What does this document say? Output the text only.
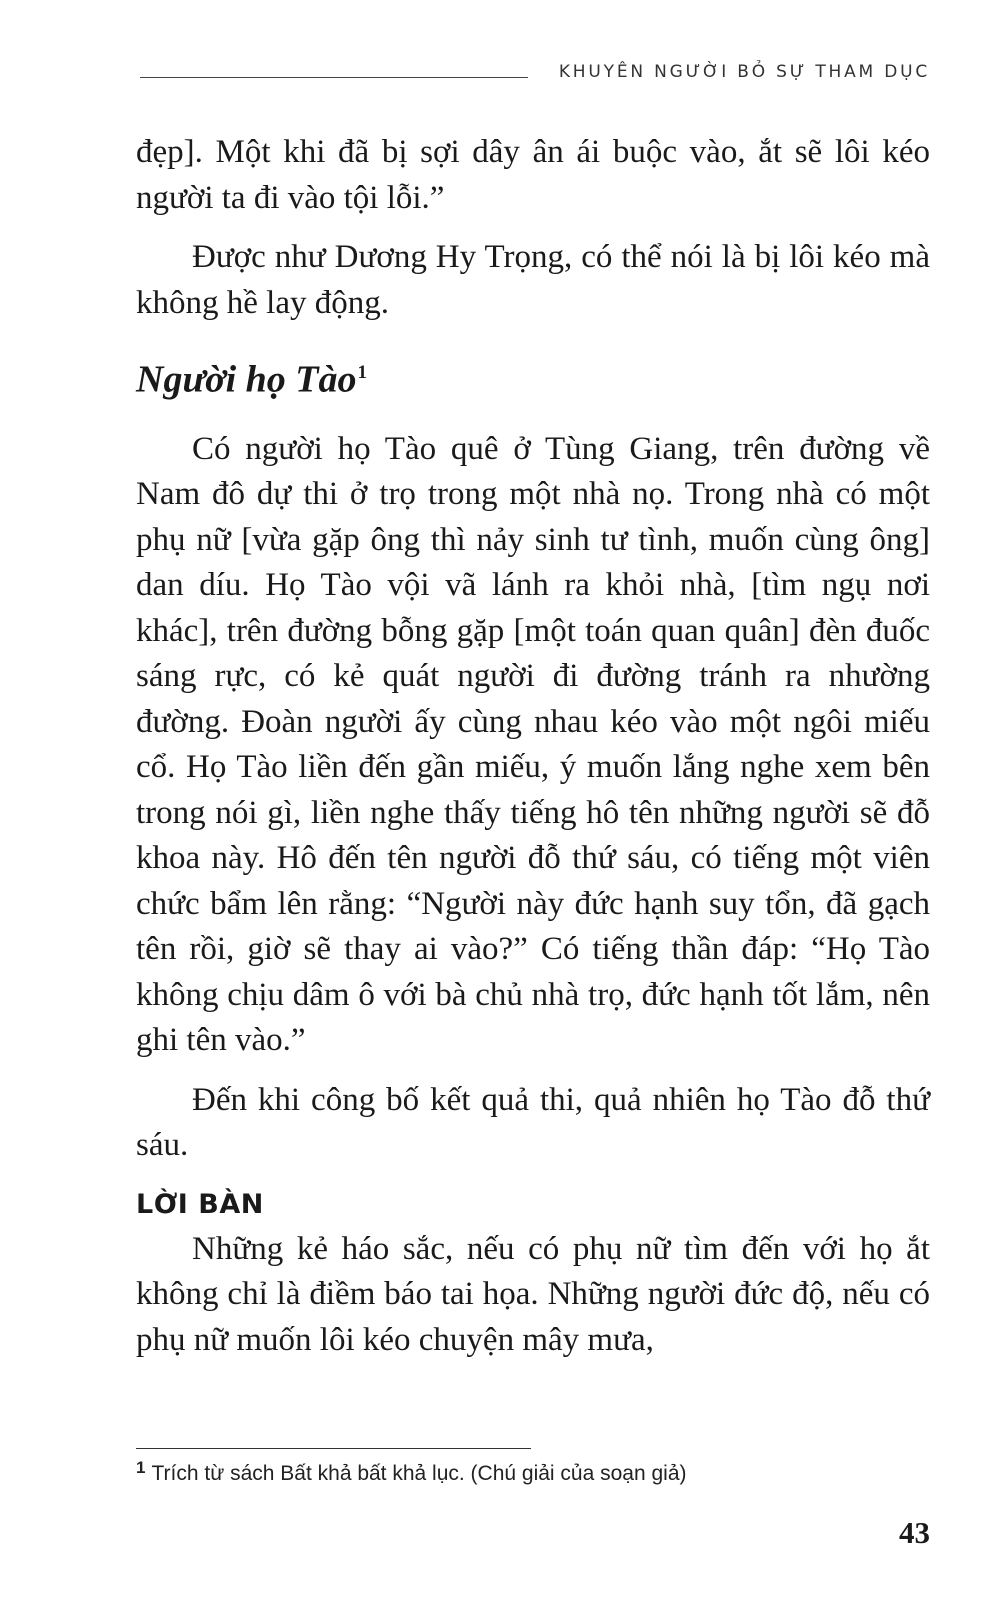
KHUYÊN NGƯỜI BỎ SỰ THAM DỤC

đẹp]. Một khi đã bị sợi dây ân ái buộc vào, ắt sẽ lôi kéo người ta đi vào tội lỗi.”

Được như Dương Hy Trọng, có thể nói là bị lôi kéo mà không hề lay động.

Người họ Tào$^1$

Có người họ Tào quê ở Tùng Giang, trên đường về Nam đô dự thi ở trọ trong một nhà nọ. Trong nhà có một phụ nữ [vừa gặp ông thì nảy sinh tư tình, muốn cùng ông] dan díu. Họ Tào vội vã lánh ra khỏi nhà, [tìm ngụ nơi khác], trên đường bỗng gặp [một toán quan quân] đèn đuốc sáng rực, có kẻ quát người đi đường tránh ra nhường đường. Đoàn người ấy cùng nhau kéo vào một ngôi miếu cổ. Họ Tào liền đến gần miếu, ý muốn lắng nghe xem bên trong nói gì, liền nghe thấy tiếng hô tên những người sẽ đỗ khoa này. Hô đến tên người đỗ thứ sáu, có tiếng một viên chức bẩm lên rằng: “Người này đức hạnh suy tổn, đã gạch tên rồi, giờ sẽ thay ai vào?” Có tiếng thần đáp: “Họ Tào không chịu dâm ô với bà chủ nhà trọ, đức hạnh tốt lắm, nên ghi tên vào.”

Đến khi công bố kết quả thi, quả nhiên họ Tào đỗ thứ sáu.

LỜI BÀN

Những kẻ háo sắc, nếu có phụ nữ tìm đến với họ ắt không chỉ là điềm báo tai họa. Những người đức độ, nếu có phụ nữ muốn lôi kéo chuyện mây mưa,

$^1$ Trích từ sách Bất khả bất khả lục. (Chú giải của soạn giả)
43
